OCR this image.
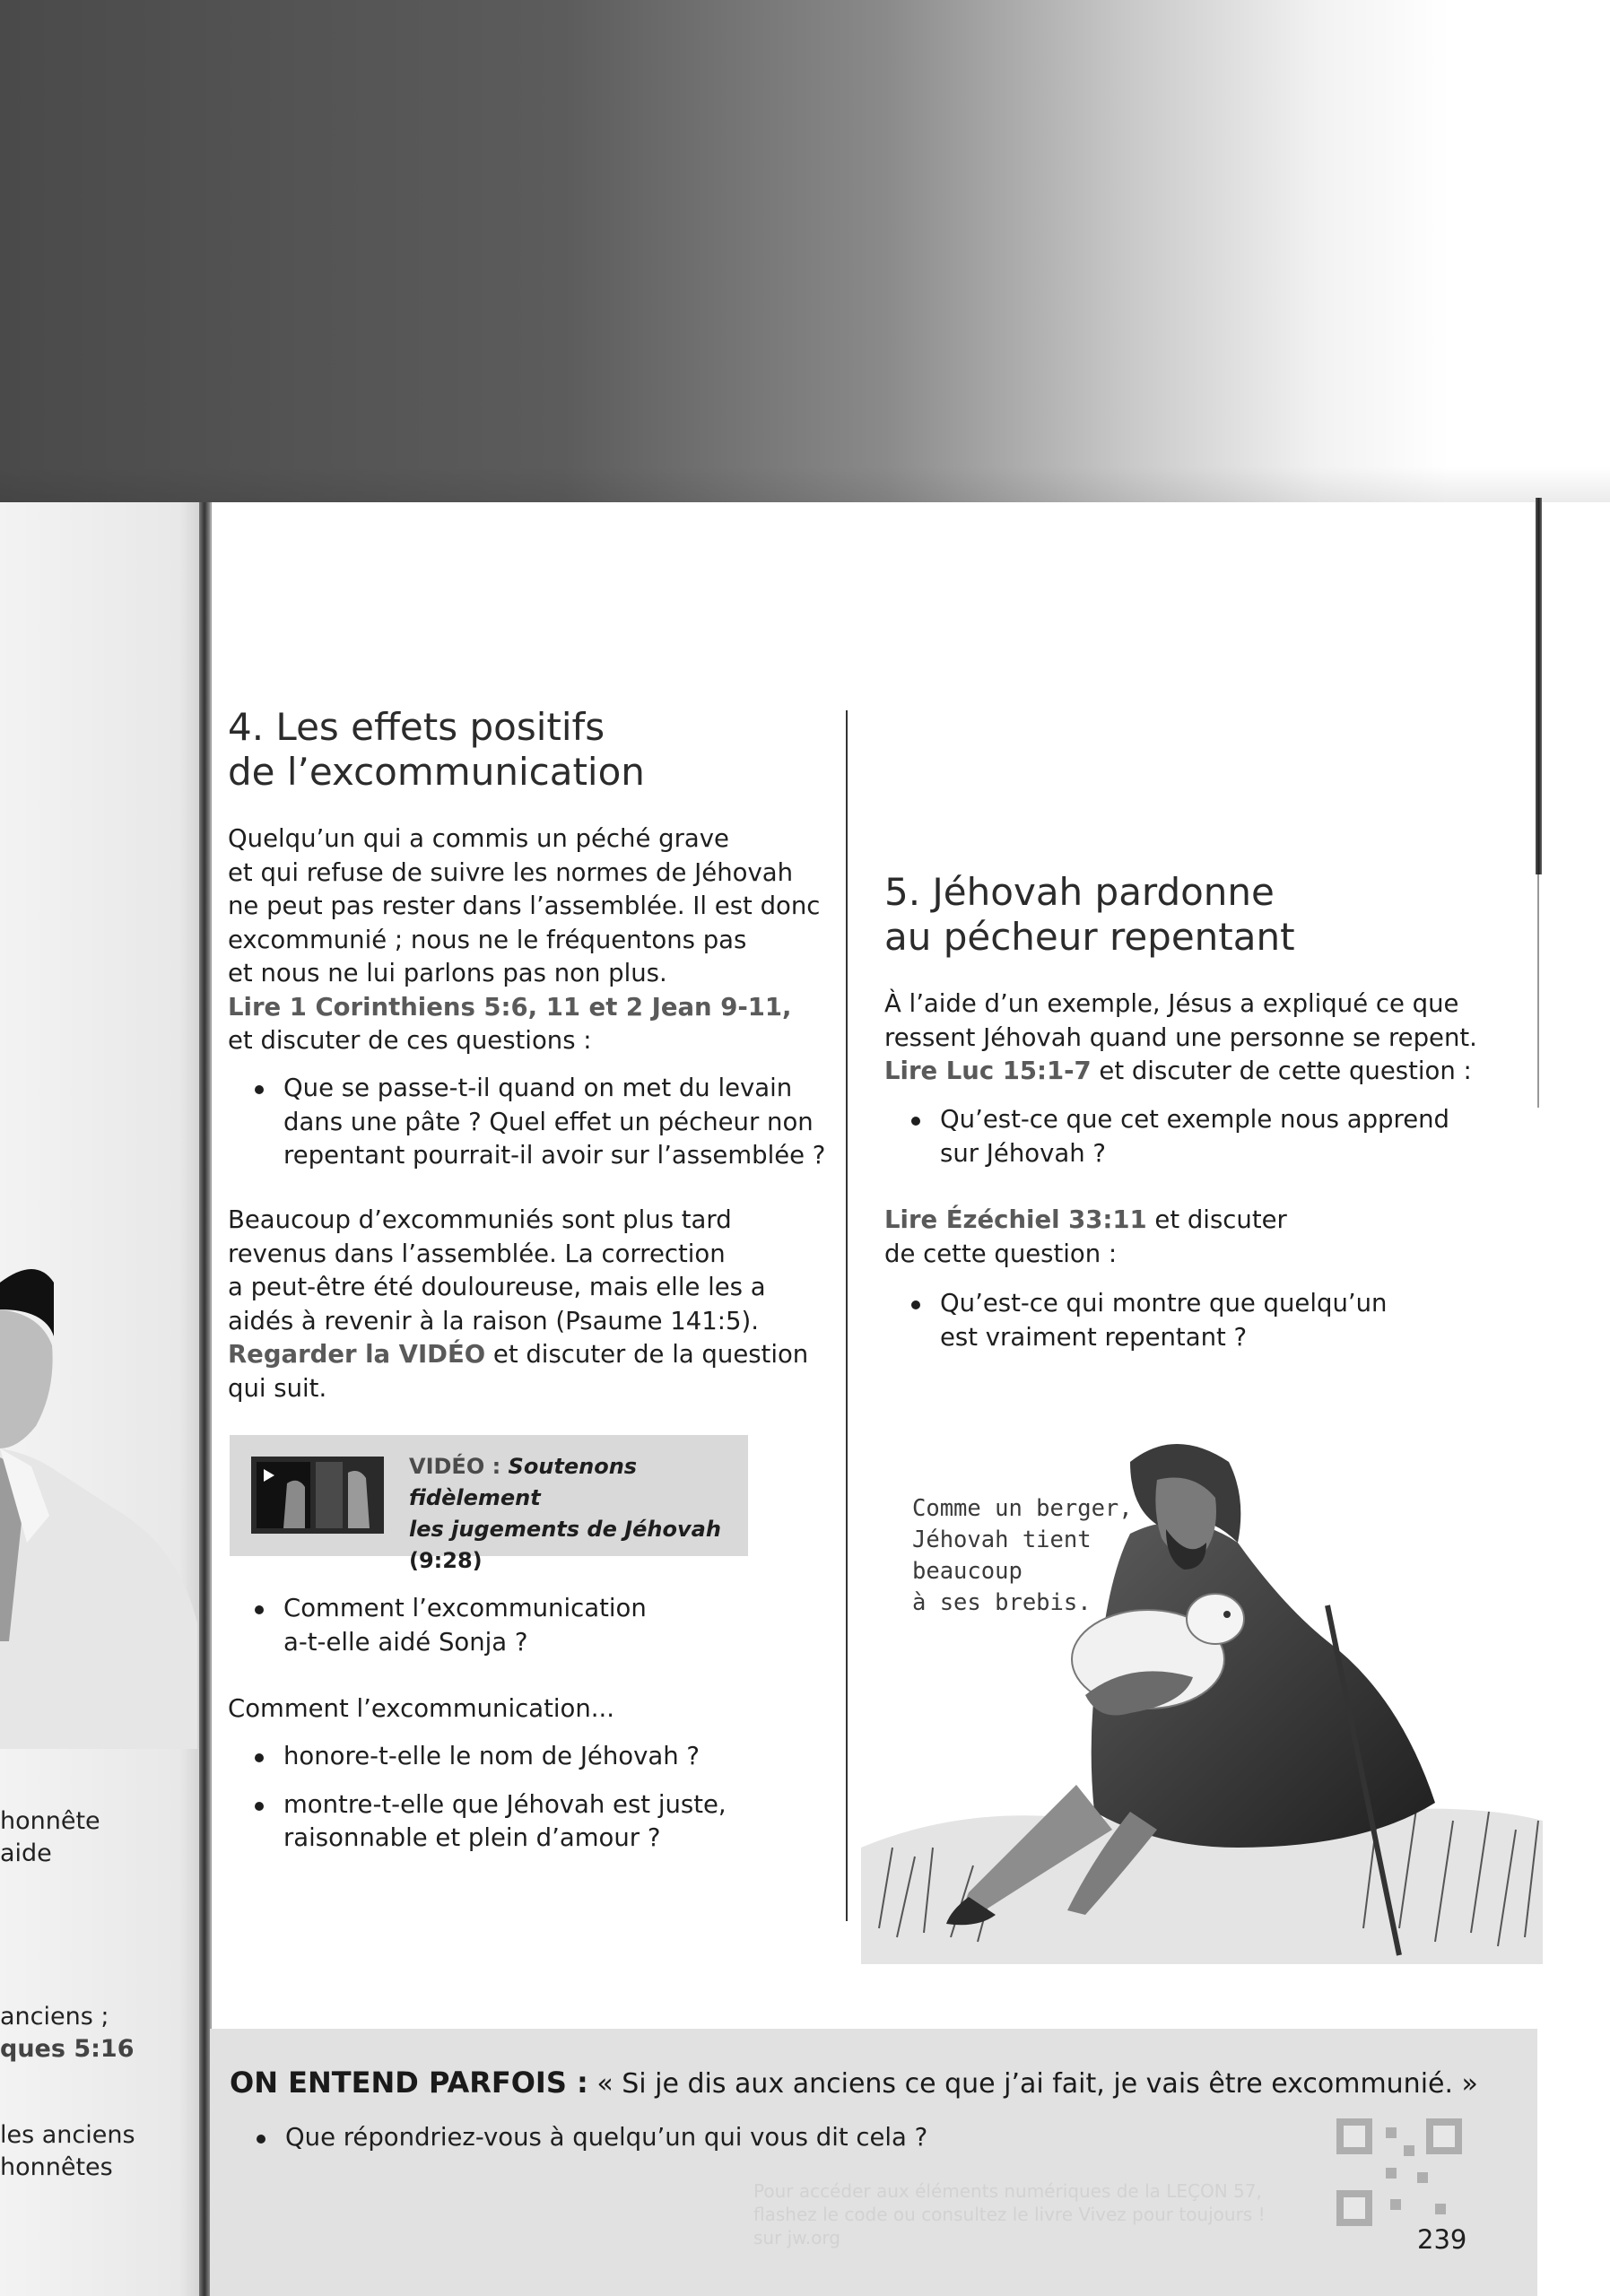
honnête
aide
anciens ;
ques 5:16
les anciens
honnêtes
4. Les effets positifs
de l’excommunication
Quelqu’un qui a commis un péché grave
et qui refuse de suivre les normes de Jéhovah
ne peut pas rester dans l’assemblée. Il est donc
excommunié ; nous ne le fréquentons pas
et nous ne lui parlons pas non plus.
Lire 1 Corinthiens 5:6, 11 et 2 Jean 9-11,
et discuter de ces questions :
Que se passe-t-il quand on met du levain
dans une pâte ? Quel effet un pécheur non
repentant pourrait-il avoir sur l’assemblée ?
Beaucoup d’excommuniés sont plus tard
revenus dans l’assemblée. La correction
a peut-être été douloureuse, mais elle les a
aidés à revenir à la raison (Psaume 141:5).
Regarder la VIDÉO et discuter de la question
qui suit.
VIDÉO : Soutenons fidèlement
les jugements de Jéhovah
(9:28)
Comment l’excommunication
a-t-elle aidé Sonja ?
Comment l’excommunication...
honore-t-elle le nom de Jéhovah ?
montre-t-elle que Jéhovah est juste,
raisonnable et plein d’amour ?
5. Jéhovah pardonne
au pécheur repentant
À l’aide d’un exemple, Jésus a expliqué ce que
ressent Jéhovah quand une personne se repent.
Lire Luc 15:1-7 et discuter de cette question :
Qu’est-ce que cet exemple nous apprend
sur Jéhovah ?
Lire Ézéchiel 33:11 et discuter
de cette question :
Qu’est-ce qui montre que quelqu’un
est vraiment repentant ?
Comme un berger,
Jéhovah tient beaucoup
à ses brebis.
ON ENTEND PARFOIS : « Si je dis aux anciens ce que j’ai fait, je vais être excommunié. »
Que répondriez-vous à quelqu’un qui vous dit cela ?
Pour accéder aux éléments numériques de la LEÇON 57,
flashez le code ou consultez le livre Vivez pour toujours !
sur jw.org	239
